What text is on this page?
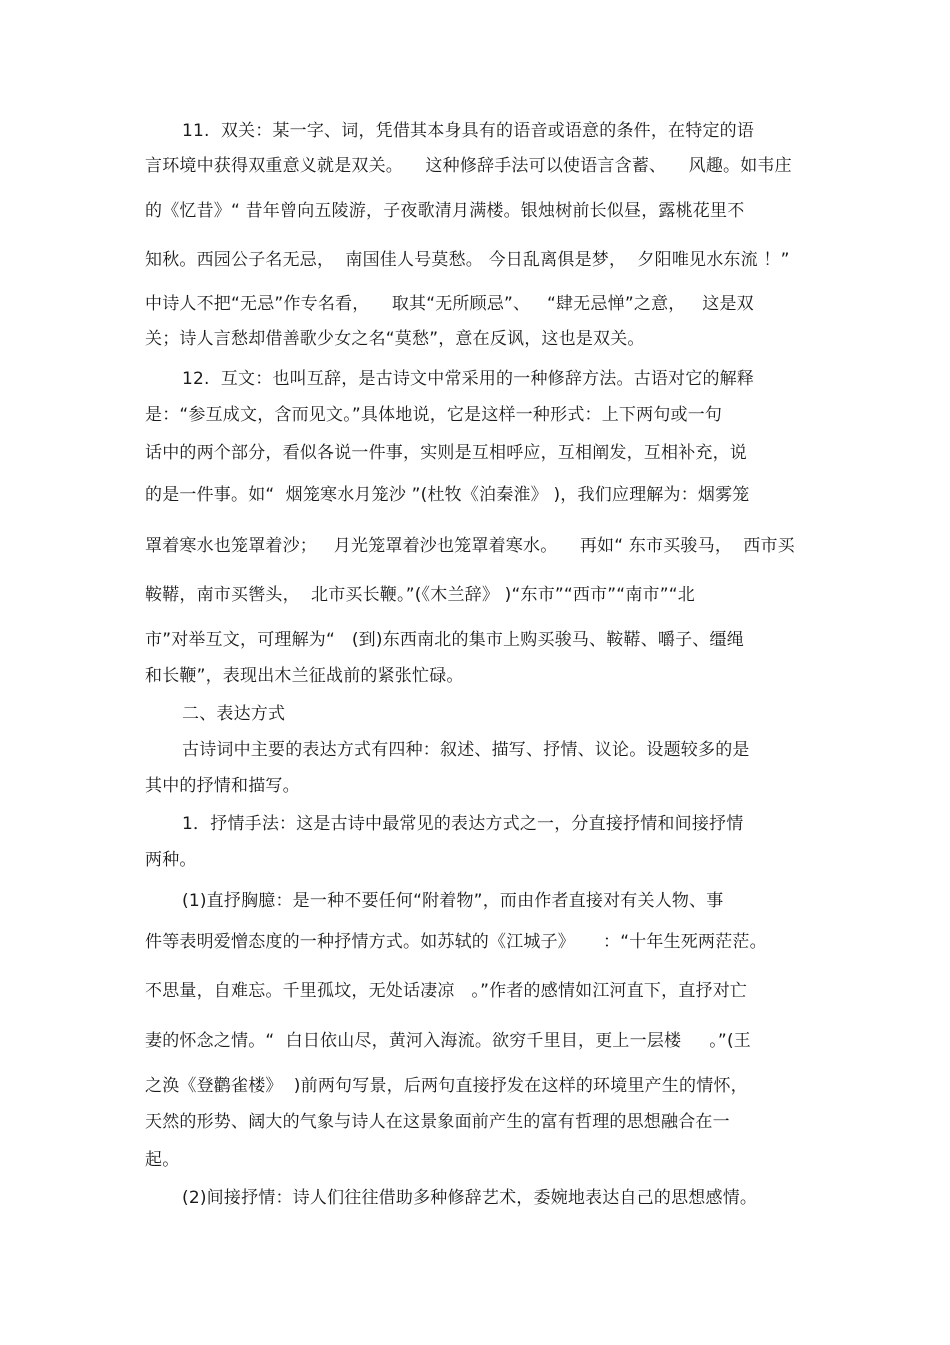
11.  双关：某一字、词，凭借其本身具有的语音或语意的条件，在特定的语
言环境中获得双重意义就是双关。    这种修辞手法可以使语言含蓄、    风趣。如韦庄
的《忆昔》“ 昔年曾向五陵游，子夜歌清月满楼。银烛树前长似昼，露桃花里不
知秋。西园公子名无忌，  南国佳人号莫愁。 今日乱离俱是梦，  夕阳唯见水东流 ！”
中诗人不把“无忌”作专名看，    取其“无所顾忌”、   “肆无忌惮”之意，   这是双
关；诗人言愁却借善歌少女之名“莫愁”，意在反讽，这也是双关。
12.  互文：也叫互辞，是古诗文中常采用的一种修辞方法。古语对它的解释
是：“参互成文，含而见文。”具体地说，它是这样一种形式：上下两句或一句
话中的两个部分，看似各说一件事，实则是互相呼应，互相阐发，互相补充，说
的是一件事。如“  烟笼寒水月笼沙 ”(杜牧《泊秦淮》 )，我们应理解为：烟雾笼
罩着寒水也笼罩着沙；   月光笼罩着沙也笼罩着寒水。    再如“ 东市买骏马，  西市买
鞍鞯，南市买辔头，  北市买长鞭。”(《木兰辞》 )“东市”“西市”“南市”“北
市”对举互文，可理解为“   (到)东西南北的集市上购买骏马、鞍鞯、嚼子、缰绳
和长鞭”，表现出木兰征战前的紧张忙碌。
二、表达方式
古诗词中主要的表达方式有四种：叙述、描写、抒情、议论。设题较多的是
其中的抒情和描写。
1．抒情手法：这是古诗中最常见的表达方式之一，分直接抒情和间接抒情
两种。
(1)直抒胸臆：是一种不要任何“附着物”，而由作者直接对有关人物、事
件等表明爱憎态度的一种抒情方式。如苏轼的《江城子》     ：“十年生死两茫茫。
不思量，自难忘。千里孤坟，无处话凄凉   。”作者的感情如江河直下，直抒对亡
妻的怀念之情。“  白日依山尽，黄河入海流。欲穷千里目，更上一层楼     。”(王
之涣《登鹳雀楼》  )前两句写景，后两句直接抒发在这样的环境里产生的情怀，
天然的形势、阔大的气象与诗人在这景象面前产生的富有哲理的思想融合在一
起。
(2)间接抒情：诗人们往往借助多种修辞艺术，委婉地表达自己的思想感情。
